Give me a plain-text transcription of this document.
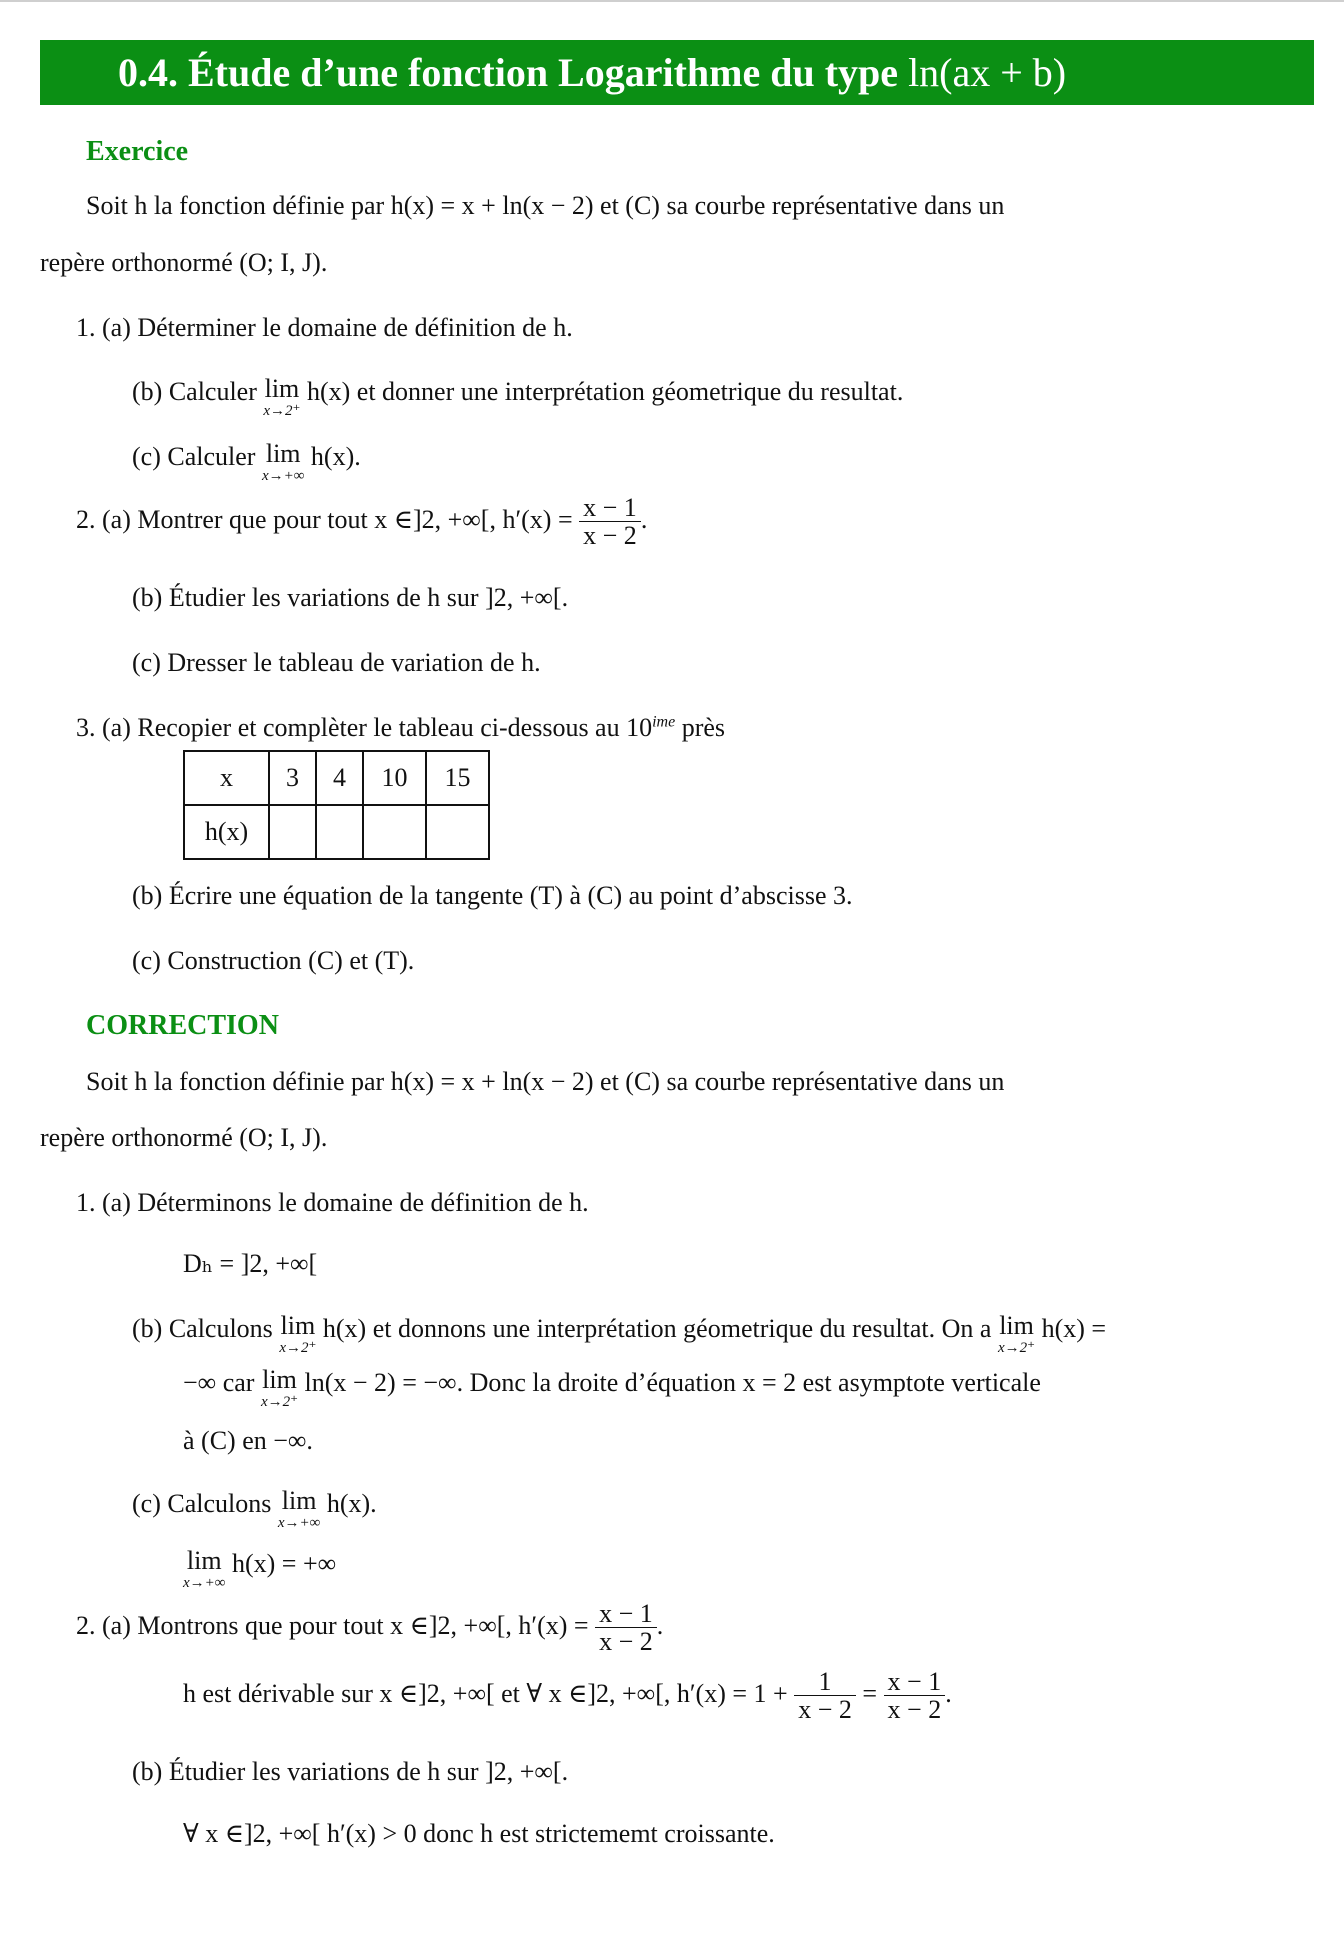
0.4. Étude d’une fonction Logarithme du type ln(ax + b)
Exercice
Soit h la fonction définie par h(x) = x + ln(x − 2) et (C) sa courbe représentative dans un
repère orthonormé (O; I, J).
1. (a) Déterminer le domaine de définition de h.
(b) Calculer lim
x→2⁺
h(x) et donner une interprétation géometrique du resultat.
(c) Calculer lim
x→+∞
h(x).
2. (a) Montrer que pour tout x ∈]2, +∞[, $h'(x) = \frac{x - 1}{x - 2}$ .
(b) Étudier les variations de h sur ]2, +∞[.
(c) Dresser le tableau de variation de h.
3. (a) Recopier et complèter le tableau ci-dessous au $10^{ime}$ près
x	3	4	10	15
h(x)				
(b) Écrire une équation de la tangente (T) à (C) au point d’abscisse 3.
(c) Construction (C) et (T).
CORRECTION
Soit h la fonction définie par h(x) = x + ln(x − 2) et (C) sa courbe représentative dans un
repère orthonormé (O; I, J).
1. (a) Déterminons le domaine de définition de h.
Dₕ = ]2, +∞[
(b) Calculons lim
x→2⁺
h(x) et donnons une interprétation géometrique du resultat. On a lim
x→2⁺
h(x) =
−∞ car lim
x→2⁺
ln(x − 2) = −∞. Donc la droite d’équation x = 2 est asymptote verticale
à (C) en −∞.
(c) Calculons lim
x→+∞
h(x).
lim
x→+∞
h(x) = +∞
2. (a) Montrons que pour tout x ∈]2, +∞[, $h'(x) = \frac{x - 1}{x - 2}$ .
h est dérivable sur x ∈]2, +∞[ et ∀ x ∈]2, +∞[, $h'(x) = 1 + \frac{1}{x - 2} = \frac{x - 1}{x - 2}$ .
(b) Étudier les variations de h sur ]2, +∞[.
∀ x ∈]2, +∞[ h′(x) > 0 donc h est strictememt croissante.
